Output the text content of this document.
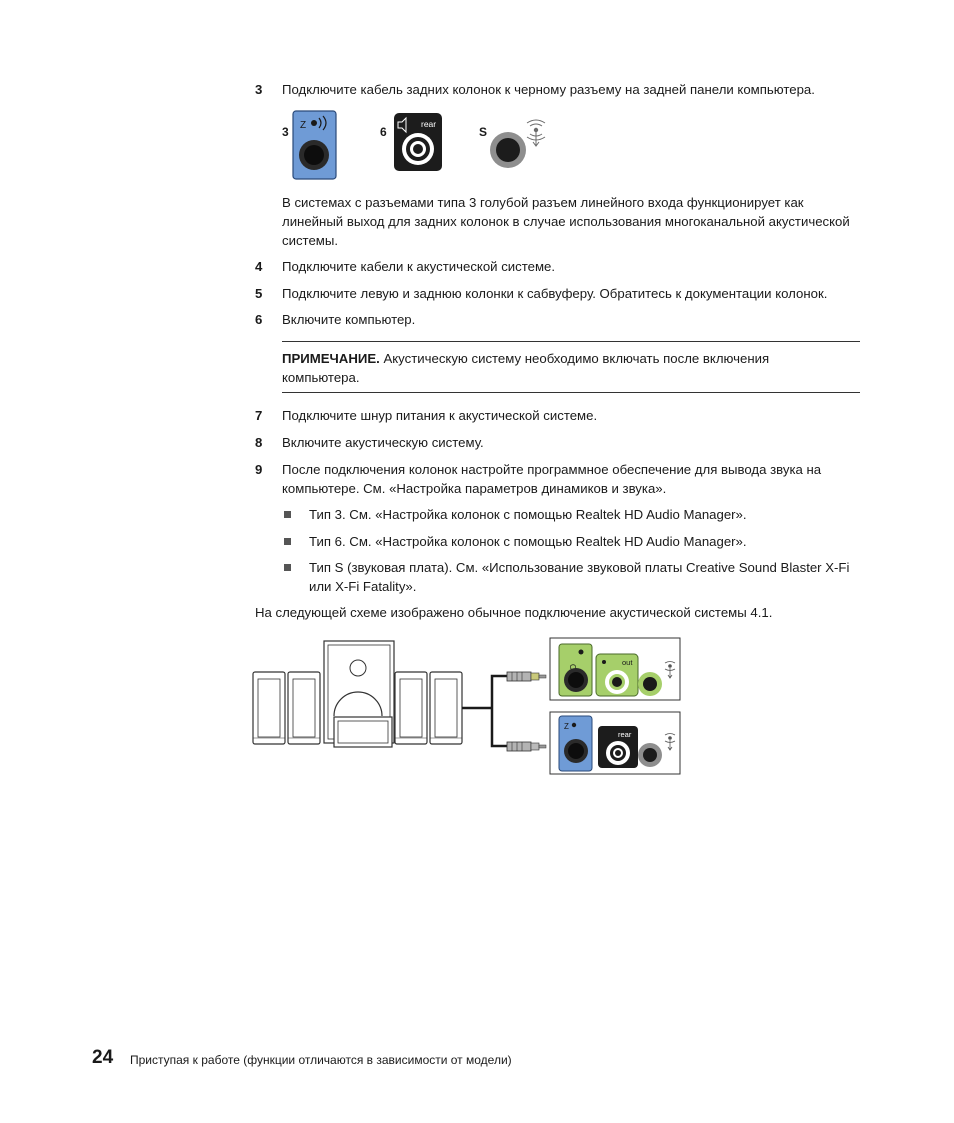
3 Подключите кабель задних колонок к черному разъему на задней панели компьютера.
3 Z	6
rear
S
В системах с разъемами типа 3 голубой разъем линейного входа функционирует как линейный выход для задних колонок в случае использования многоканальной акустической системы.
4 Подключите кабели к акустической системе.
5 Подключите левую и заднюю колонки к сабвуферу. Обратитесь к документации колонок.
6 Включите компьютер.
ПРИМЕЧАНИЕ. Акустическую систему необходимо включать после включения компьютера.
7 Подключите шнур питания к акустической системе.
8 Включите акустическую систему.
9 После подключения колонок настройте программное обеспечение для вывода звука на компьютере. См. «Настройка параметров динамиков и звука».
Тип 3. См. «Настройка колонок с помощью Realtek HD Audio Manager».
Тип 6. См. «Настройка колонок с помощью Realtek HD Audio Manager».
Тип S (звуковая плата). См. «Использование звуковой платы Creative Sound Blaster X-Fi или X-Fi Fatality».
На следующей схеме изображено обычное подключение акустической системы 4.1.
out
Z
rear
24 Приступая к работе (функции отличаются в зависимости от модели)
